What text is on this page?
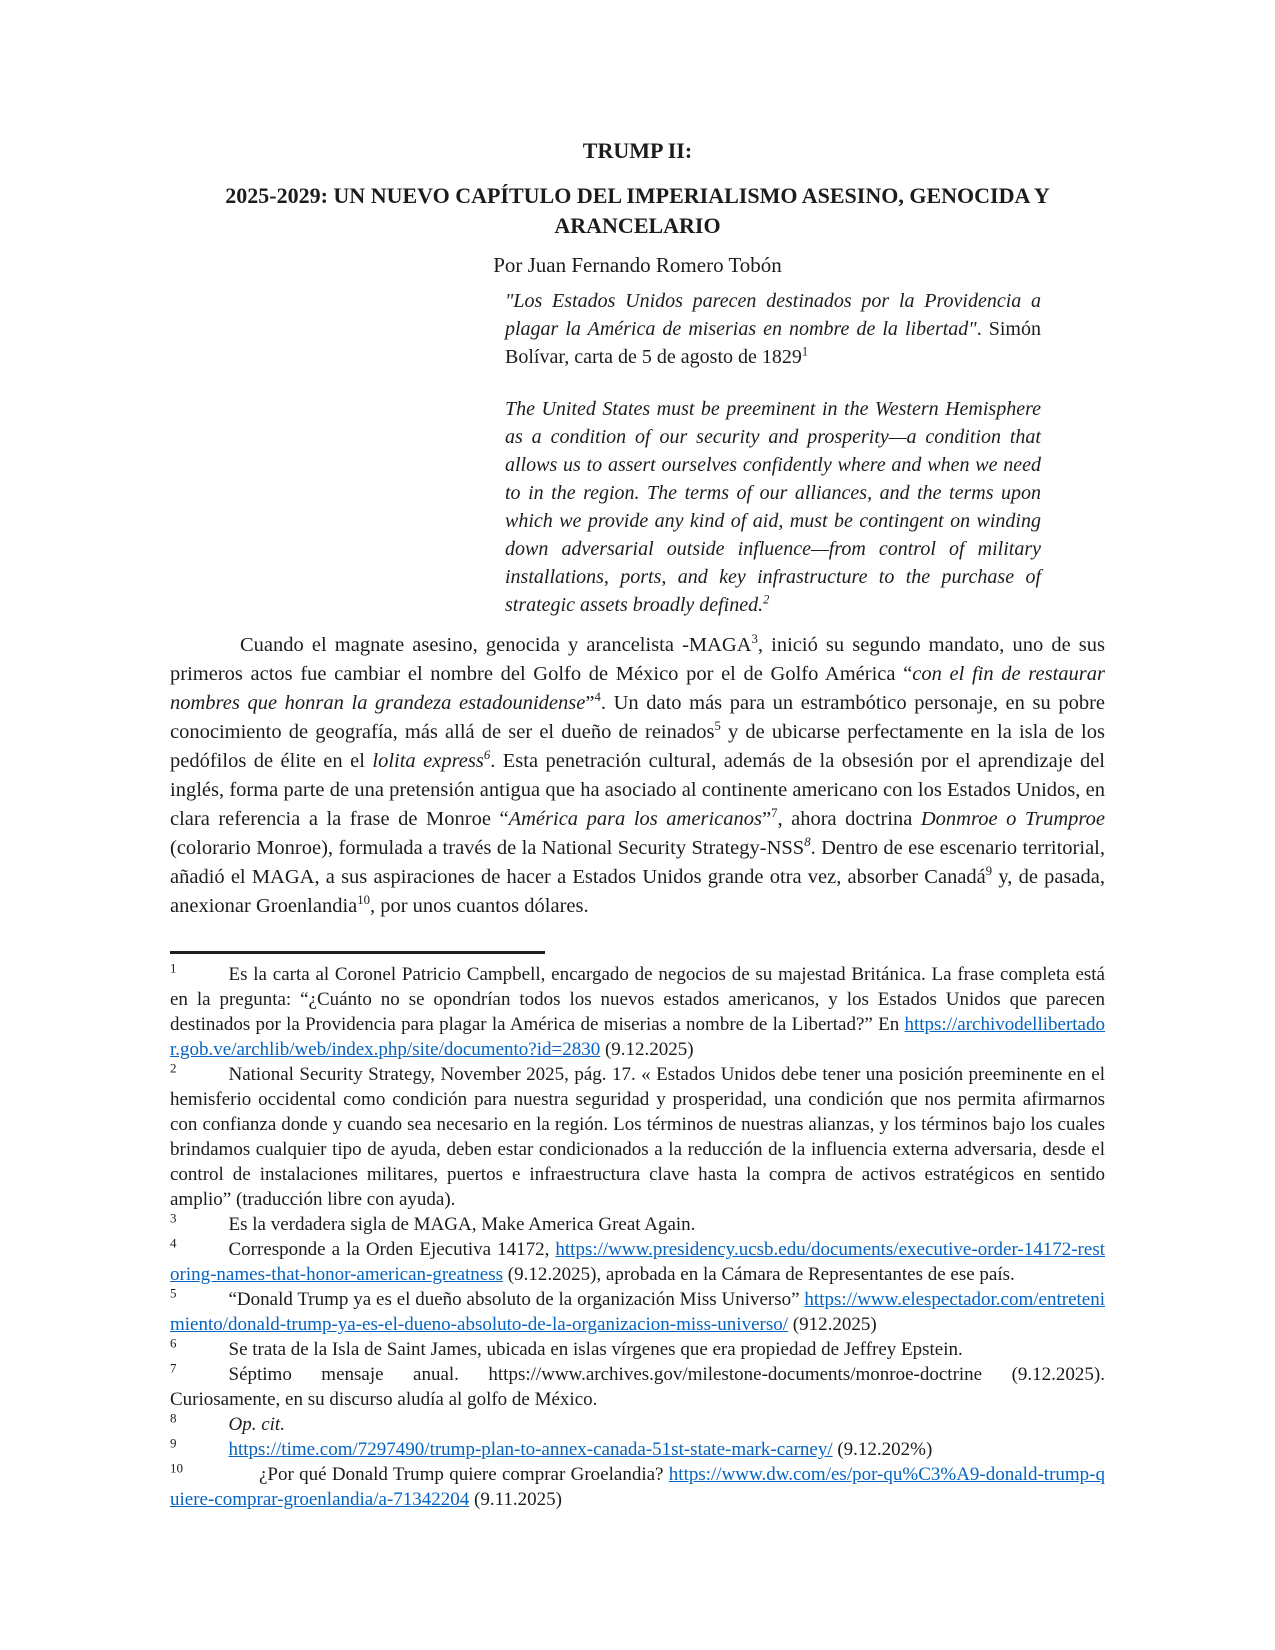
TRUMP II:
2025-2029: UN NUEVO CAPÍTULO DEL IMPERIALISMO ASESINO, GENOCIDA Y ARANCELARIO

Por Juan Fernando Romero Tobón

"Los Estados Unidos parecen destinados por la Providencia a plagar la América de miserias en nombre de la libertad". Simón Bolívar, carta de 5 de agosto de 1829$^1$

The United States must be preeminent in the Western Hemisphere as a condition of our security and prosperity—a condition that allows us to assert ourselves confidently where and when we need to in the region. The terms of our alliances, and the terms upon which we provide any kind of aid, must be contingent on winding down adversarial outside influence—from control of military installations, ports, and key infrastructure to the purchase of strategic assets broadly defined.$^2$

Cuando el magnate asesino, genocida y arancelista -MAGA$^3$, inició su segundo mandato, uno de sus primeros actos fue cambiar el nombre del Golfo de México por el de Golfo América “con el fin de restaurar nombres que honran la grandeza estadounidense”$^4$. Un dato más para un estrambótico personaje, en su pobre conocimiento de geografía, más allá de ser el dueño de reinados$^5$ y de ubicarse perfectamente en la isla de los pedófilos de élite en el lolita express$^6$. Esta penetración cultural, además de la obsesión por el aprendizaje del inglés, forma parte de una pretensión antigua que ha asociado al continente americano con los Estados Unidos, en clara referencia a la frase de Monroe “América para los americanos”$^7$, ahora doctrina Donmroe o Trumproe (colorario Monroe), formulada a través de la National Security Strategy-NSS$^8$. Dentro de ese escenario territorial, añadió el MAGA, a sus aspiraciones de hacer a Estados Unidos grande otra vez, absorber Canadá$^9$ y, de pasada, anexionar Groenlandia$^{10}$, por unos cuantos dólares.

$^1$	Es la carta al Coronel Patricio Campbell, encargado de negocios de su majestad Británica. La frase completa está en la pregunta: “¿Cuánto no se opondrían todos los nuevos estados americanos, y los Estados Unidos que parecen destinados por la Providencia para plagar la América de miserias a nombre de la Libertad?” En https://archivodellibertador.gob.ve/archlib/web/index.php/site/documento?id=2830 (9.12.2025)
$^2$	National Security Strategy, November 2025, pág. 17. « Estados Unidos debe tener una posición preeminente en el hemisferio occidental como condición para nuestra seguridad y prosperidad, una condición que nos permita afirmarnos con confianza donde y cuando sea necesario en la región. Los términos de nuestras alianzas, y los términos bajo los cuales brindamos cualquier tipo de ayuda, deben estar condicionados a la reducción de la influencia externa adversaria, desde el control de instalaciones militares, puertos e infraestructura clave hasta la compra de activos estratégicos en sentido amplio” (traducción libre con ayuda).
$^3$	Es la verdadera sigla de MAGA, Make America Great Again.
$^4$	Corresponde a la Orden Ejecutiva 14172, https://www.presidency.ucsb.edu/documents/executive-order-14172-restoring-names-that-honor-american-greatness (9.12.2025), aprobada en la Cámara de Representantes de ese país.
$^5$	“Donald Trump ya es el dueño absoluto de la organización Miss Universo” https://www.elespectador.com/entretenimiento/donald-trump-ya-es-el-dueno-absoluto-de-la-organizacion-miss-universo/ (912.2025)
$^6$	Se trata de la Isla de Saint James, ubicada en islas vírgenes que era propiedad de Jeffrey Epstein.
$^7$	Séptimo mensaje anual. https://www.archives.gov/milestone-documents/monroe-doctrine (9.12.2025). Curiosamente, en su discurso aludía al golfo de México.
$^8$	Op. cit.
$^9$	https://time.com/7297490/trump-plan-to-annex-canada-51st-state-mark-carney/ (9.12.202%)
$^{10}$	¿Por qué Donald Trump quiere comprar Groelandia? https://www.dw.com/es/por-qu%C3%A9-donald-trump-quiere-comprar-groenlandia/a-71342204 (9.11.2025)
